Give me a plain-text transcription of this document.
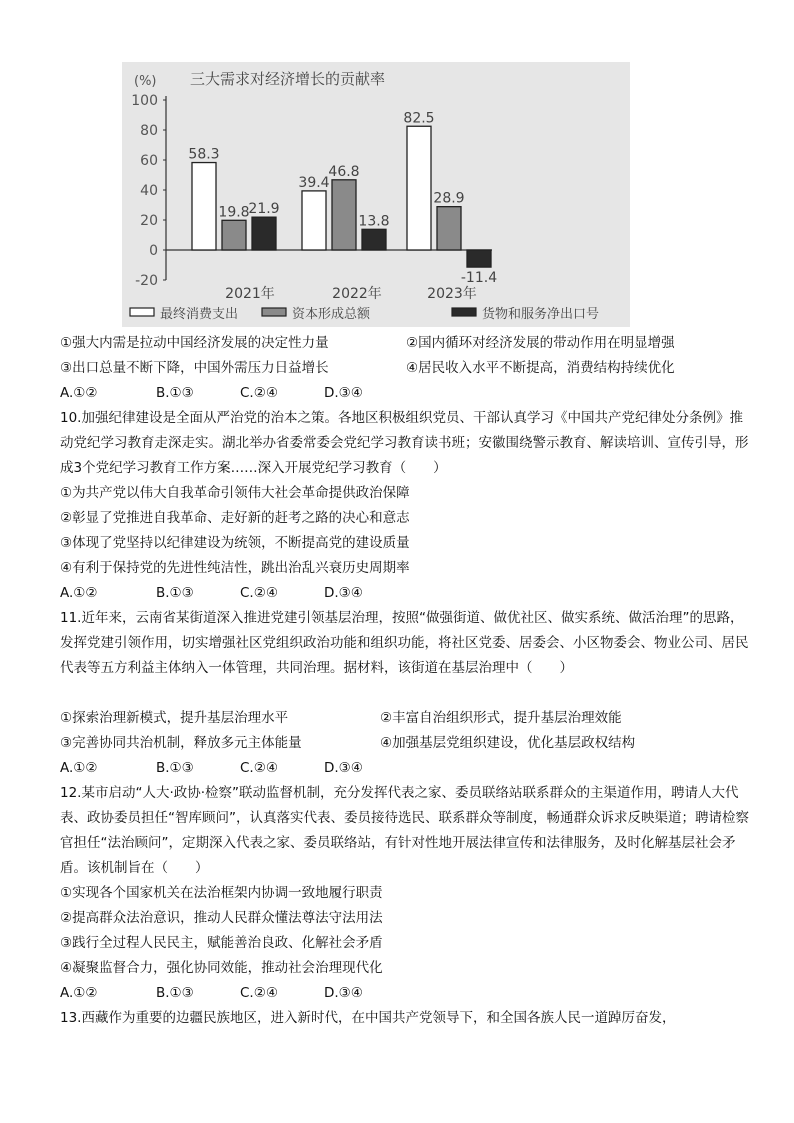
(%) 三大需求对经济增长的贡献率
-20
0
20
40
60
80
100
2021年	2022年	2023年
58.3
19.8
21.9
39.4
46.8
13.8
82.5
28.9
-11.4
最终消费支出	资本形成总额	货物和服务净出口号
①强大内需是拉动中国经济发展的决定性力量	②国内循环对经济发展的带动作用在明显增强
③出口总量不断下降，中国外需压力日益增长	④居民收入水平不断提高，消费结构持续优化
A.①②	B.①③	C.②④	D.③④
10.加强纪律建设是全面从严治党的治本之策。各地区积极组织党员、干部认真学习《中国共产党纪律处分条例》推动党纪学习教育走深走实。湖北举办省委常委会党纪学习教育读书班；安徽围绕警示教育、解读培训、宣传引导，形成3个党纪学习教育工作方案……深入开展党纪学习教育（　　）
①为共产党以伟大自我革命引领伟大社会革命提供政治保障
②彰显了党推进自我革命、走好新的赶考之路的决心和意志
③体现了党坚持以纪律建设为统领，不断提高党的建设质量
④有利于保持党的先进性纯洁性，跳出治乱兴衰历史周期率
A.①②	B.①③	C.②④	D.③④
11.近年来，云南省某街道深入推进党建引领基层治理，按照“做强街道、做优社区、做实系统、做活治理”的思路，发挥党建引领作用，切实增强社区党组织政治功能和组织功能，将社区党委、居委会、小区物委会、物业公司、居民代表等五方利益主体纳入一体管理，共同治理。据材料，该街道在基层治理中（　　）
①探索治理新模式，提升基层治理水平	②丰富自治组织形式，提升基层治理效能
③完善协同共治机制，释放多元主体能量	④加强基层党组织建设，优化基层政权结构
A.①②	B.①③	C.②④	D.③④
12.某市启动“人大·政协·检察”联动监督机制，充分发挥代表之家、委员联络站联系群众的主渠道作用，聘请人大代表、政协委员担任“智库顾问”，认真落实代表、委员接待选民、联系群众等制度，畅通群众诉求反映渠道；聘请检察官担任“法治顾问”，定期深入代表之家、委员联络站，有针对性地开展法律宣传和法律服务，及时化解基层社会矛盾。该机制旨在（　　）
①实现各个国家机关在法治框架内协调一致地履行职责
②提高群众法治意识，推动人民群众懂法尊法守法用法
③践行全过程人民民主，赋能善治良政、化解社会矛盾
④凝聚监督合力，强化协同效能，推动社会治理现代化
A.①②	B.①③	C.②④	D.③④
13.西藏作为重要的边疆民族地区，进入新时代，在中国共产党领导下，和全国各族人民一道踔厉奋发，
